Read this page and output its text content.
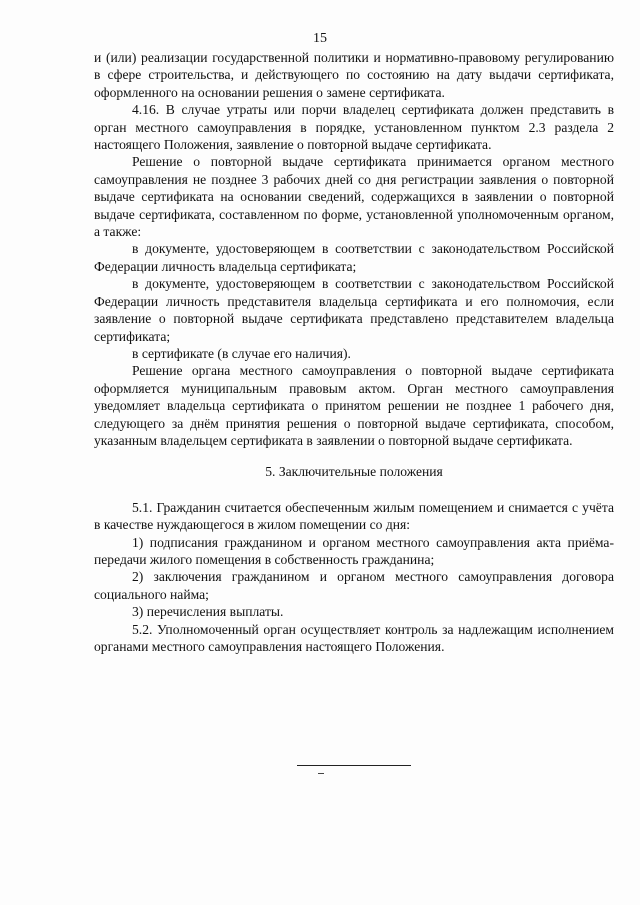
15

и (или) реализации государственной политики и нормативно-правовому регулированию в сфере строительства, и действующего по состоянию на дату выдачи сертификата, оформленного на основании решения о замене сертификата.

4.16. В случае утраты или порчи владелец сертификата должен представить в орган местного самоуправления в порядке, установленном пунктом 2.3 раздела 2 настоящего Положения, заявление о повторной выдаче сертификата.

Решение о повторной выдаче сертификата принимается органом местного самоуправления не позднее 3 рабочих дней со дня регистрации заявления о повторной выдаче сертификата на основании сведений, содержащихся в заявлении о повторной выдаче сертификата, составленном по форме, установленной уполномоченным органом, а также:

в документе, удостоверяющем в соответствии с законодательством Российской Федерации личность владельца сертификата;

в документе, удостоверяющем в соответствии с законодательством Российской Федерации личность представителя владельца сертификата и его полномочия, если заявление о повторной выдаче сертификата представлено представителем владельца сертификата;

в сертификате (в случае его наличия).

Решение органа местного самоуправления о повторной выдаче сертификата оформляется муниципальным правовым актом. Орган местного самоуправления уведомляет владельца сертификата о принятом решении не позднее 1 рабочего дня, следующего за днём принятия решения о повторной выдаче сертификата, способом, указанным владельцем сертификата в заявлении о повторной выдаче сертификата.

5. Заключительные положения

5.1. Гражданин считается обеспеченным жилым помещением и снимается с учёта в качестве нуждающегося в жилом помещении со дня:

1) подписания гражданином и органом местного самоуправления акта приёма-передачи жилого помещения в собственность гражданина;

2) заключения гражданином и органом местного самоуправления договора социального найма;

3) перечисления выплаты.

5.2. Уполномоченный орган осуществляет контроль за надлежащим исполнением органами местного самоуправления настоящего Положения.
